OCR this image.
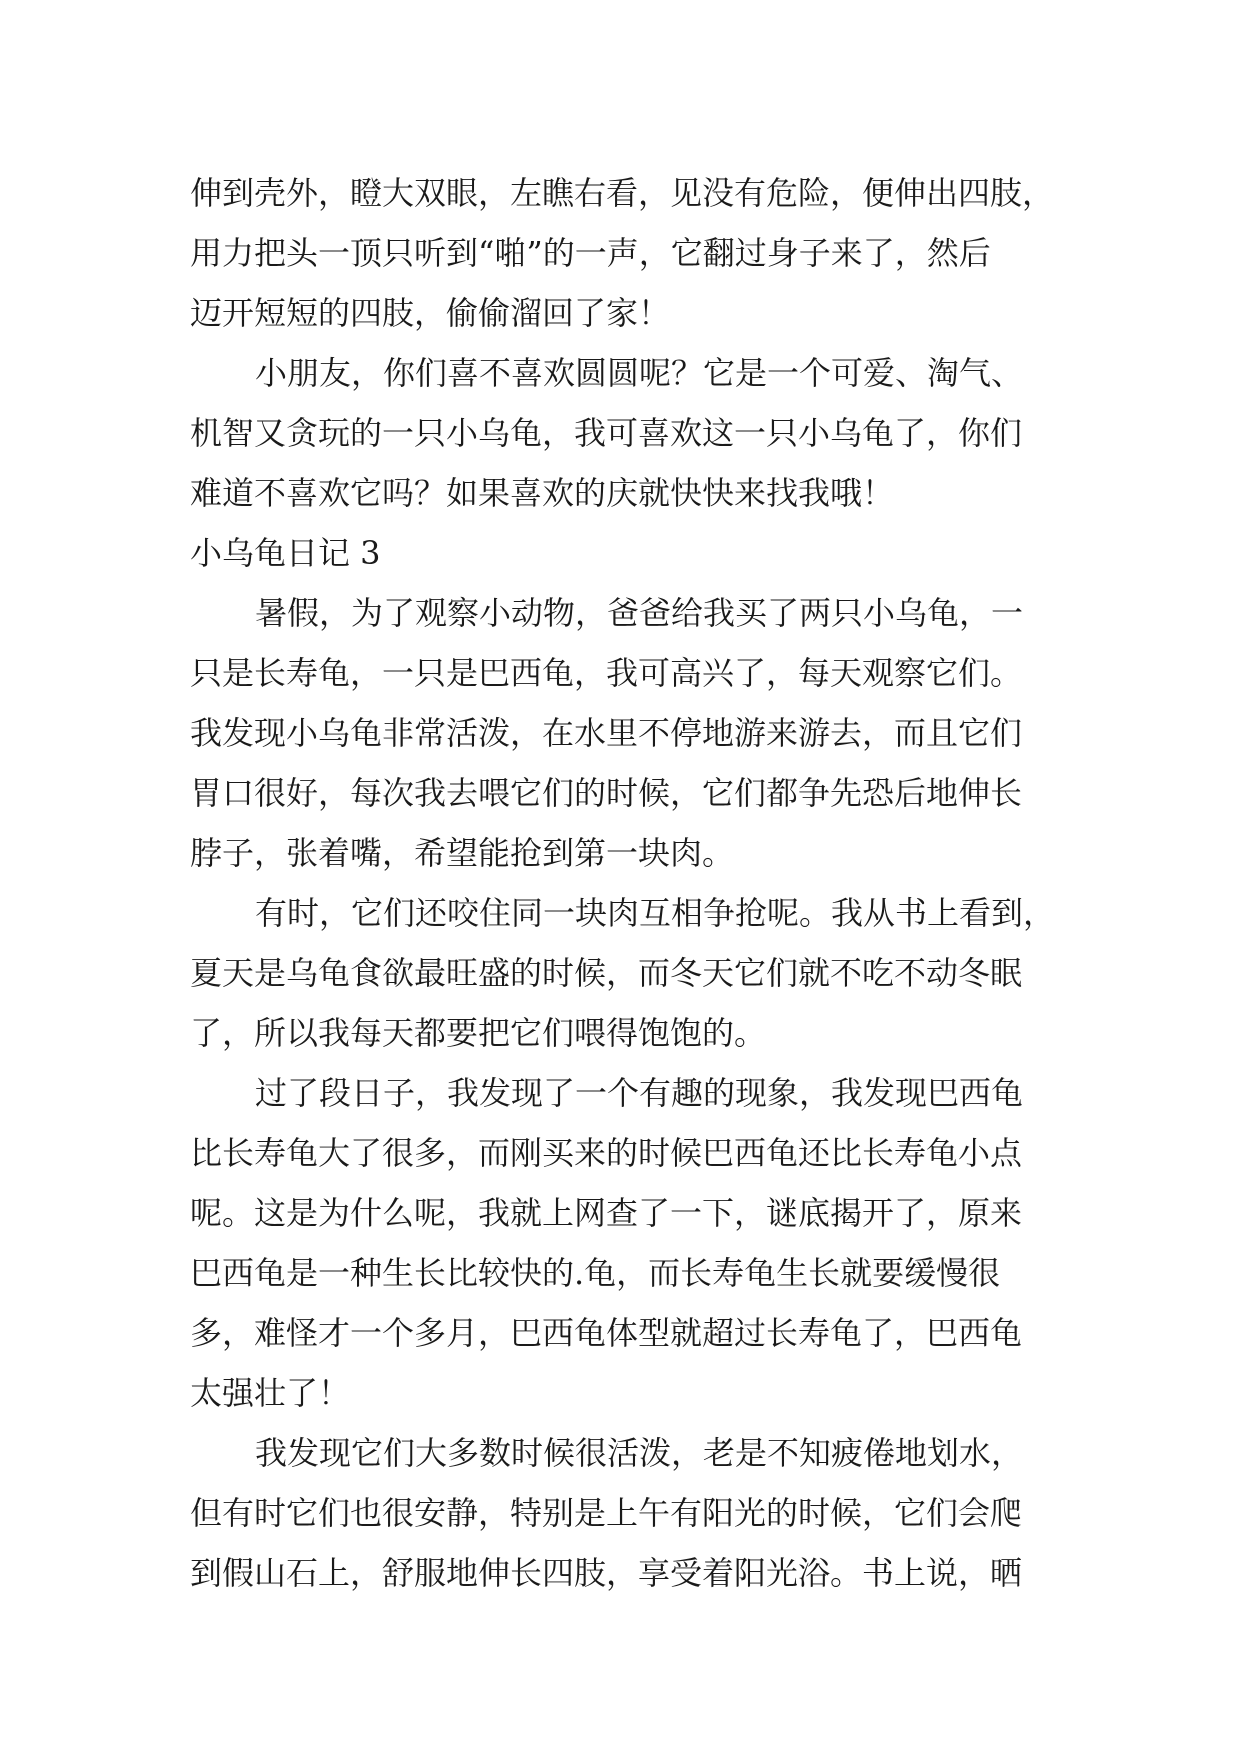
伸到壳外，瞪大双眼，左瞧右看，见没有危险，便伸出四肢，
用力把头一顶只听到“啪”的一声，它翻过身子来了，然后
迈开短短的四肢，偷偷溜回了家！
小朋友，你们喜不喜欢圆圆呢？它是一个可爱、淘气、
机智又贪玩的一只小乌龟，我可喜欢这一只小乌龟了，你们
难道不喜欢它吗？如果喜欢的庆就快快来找我哦！
小乌龟日记 3
暑假，为了观察小动物，爸爸给我买了两只小乌龟，一
只是长寿龟，一只是巴西龟，我可高兴了，每天观察它们。
我发现小乌龟非常活泼，在水里不停地游来游去，而且它们
胃口很好，每次我去喂它们的时候，它们都争先恐后地伸长
脖子，张着嘴，希望能抢到第一块肉。
有时，它们还咬住同一块肉互相争抢呢。我从书上看到，
夏天是乌龟食欲最旺盛的时候，而冬天它们就不吃不动冬眠
了，所以我每天都要把它们喂得饱饱的。
过了段日子，我发现了一个有趣的现象，我发现巴西龟
比长寿龟大了很多，而刚买来的时候巴西龟还比长寿龟小点
呢。这是为什么呢，我就上网查了一下，谜底揭开了，原来
巴西龟是一种生长比较快的.龟，而长寿龟生长就要缓慢很
多，难怪才一个多月，巴西龟体型就超过长寿龟了，巴西龟
太强壮了！
我发现它们大多数时候很活泼，老是不知疲倦地划水，
但有时它们也很安静，特别是上午有阳光的时候，它们会爬
到假山石上，舒服地伸长四肢，享受着阳光浴。书上说，晒
